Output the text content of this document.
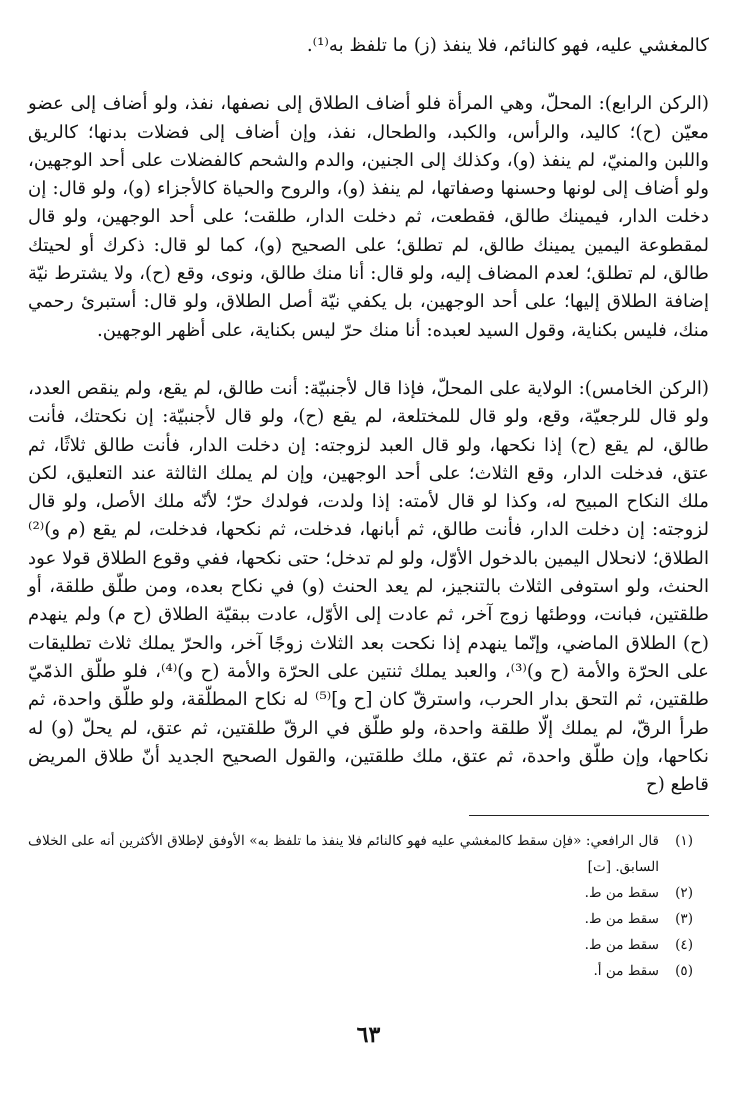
كالمغشي عليه، فهو كالنائم، فلا ينفذ (ز) ما تلفظ به⁽¹⁾.

(الركن الرابع): المحلّ، وهي المرأة فلو أضاف الطلاق إلى نصفها، نفذ، ولو أضاف إلى عضو معيّن (ح)؛ كاليد، والرأس، والكبد، والطحال، نفذ، وإن أضاف إلى فضلات بدنها؛ كالريق واللبن والمنيّ، لم ينفذ (و)، وكذلك إلى الجنين، والدم والشحم كالفضلات على أحد الوجهين، ولو أضاف إلى لونها وحسنها وصفاتها، لم ينفذ (و)، والروح والحياة كالأجزاء (و)، ولو قال: إن دخلت الدار، فيمينك طالق، فقطعت، ثم دخلت الدار، طلقت؛ على أحد الوجهين، ولو قال لمقطوعة اليمين يمينك طالق، لم تطلق؛ على الصحيح (و)، كما لو قال: ذكرك أو لحيتك طالق، لم تطلق؛ لعدم المضاف إليه، ولو قال: أنا منك طالق، ونوى، وقع (ح)، ولا يشترط نيّة إضافة الطلاق إليها؛ على أحد الوجهين، بل يكفي نيّة أصل الطلاق، ولو قال: أستبرئ رحمي منك، فليس بكناية، وقول السيد لعبده: أنا منك حرّ ليس بكناية، على أظهر الوجهين.

(الركن الخامس): الولاية على المحلّ، فإذا قال لأجنبيّة: أنت طالق، لم يقع، ولم ينقص العدد، ولو قال للرجعيّة، وقع، ولو قال للمختلعة، لم يقع (ح)، ولو قال لأجنبيّة: إن نكحتك، فأنت طالق، لم يقع (ح) إذا نكحها، ولو قال العبد لزوجته: إن دخلت الدار، فأنت طالق ثلاثًا، ثم عتق، فدخلت الدار، وقع الثلاث؛ على أحد الوجهين، وإن لم يملك الثالثة عند التعليق، لكن ملك النكاح المبيح له، وكذا لو قال لأمته: إذا ولدت، فولدك حرّ؛ لأنّه ملك الأصل، ولو قال لزوجته: إن دخلت الدار، فأنت طالق، ثم أبانها، فدخلت، ثم نكحها، فدخلت، لم يقع (م و)⁽²⁾ الطلاق؛ لانحلال اليمين بالدخول الأوّل، ولو لم تدخل؛ حتى نكحها، ففي وقوع الطلاق قولا عود الحنث، ولو استوفى الثلاث بالتنجيز، لم يعد الحنث (و) في نكاح بعده، ومن طلّق طلقة، أو طلقتين، فبانت، ووطئها زوج آخر، ثم عادت إلى الأوّل، عادت ببقيّة الطلاق (ح م) ولم ينهدم (ح) الطلاق الماضي، وإنّما ينهدم إذا نكحت بعد الثلاث زوجًا آخر، والحرّ يملك ثلاث تطليقات على الحرّة والأمة (ح و)⁽³⁾، والعبد يملك ثنتين على الحرّة والأمة (ح و)⁽⁴⁾، فلو طلّق الذمّيّ طلقتين، ثم التحق بدار الحرب، واسترقّ كان [ح و]⁽⁵⁾ له نكاح المطلّقة، ولو طلّق واحدة، ثم طرأ الرقّ، لم يملك إلّا طلقة واحدة، ولو طلّق في الرقّ طلقتين، ثم عتق، لم يحلّ (و) له نكاحها، وإن طلّق واحدة، ثم عتق، ملك طلقتين، والقول الصحيح الجديد أنّ طلاق المريض قاطع (ح

(١)
قال الرافعي: «فإن سقط كالمغشي عليه فهو كالنائم فلا ينفذ ما تلفظ به» الأوفق لإطلاق الأكثرين أنه على الخلاف السابق. [ت]
(٢)
سقط من ط.
(٣)
سقط من ط.
(٤)
سقط من ط.
(٥)
سقط من أ.
٦٣
